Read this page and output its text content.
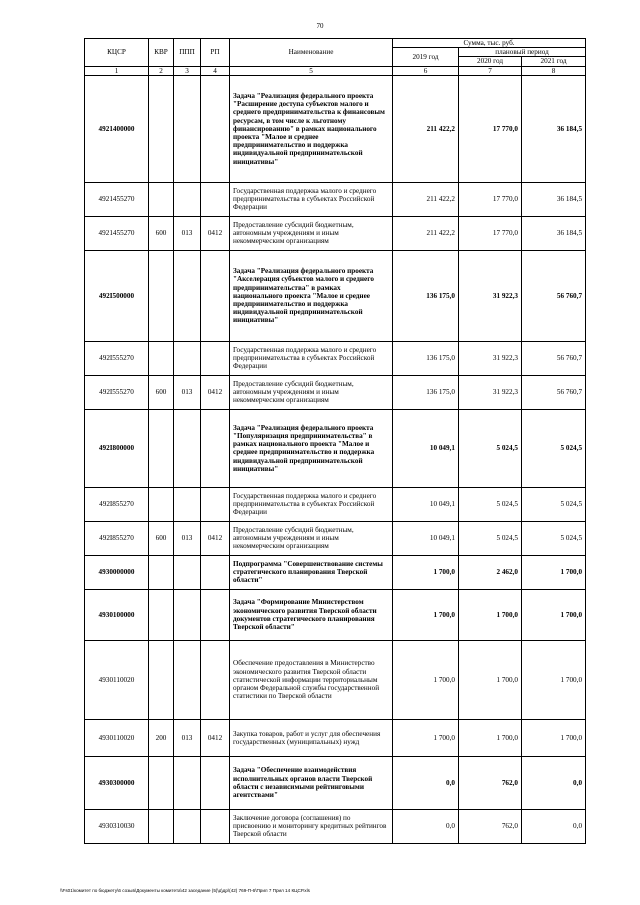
70
КЦСР	КВР	ППП	РП	Наименование	Сумма, тыс. руб.		
					2019 год	плановый период	
						2020 год	2021 год
1	2	3	4	5	6	7	8
4921400000				Задача "Реализация федерального проекта "Расширение доступа субъектов малого и среднего предпринимательства к финансовым ресурсам, в том числе к льготному финансированию" в рамках национального проекта "Малое и среднее предпринимательство и поддержка индивидуальной предпринимательской инициативы"	211 422,2	17 770,0	36 184,5
4921455270				Государственная поддержка малого и среднего предпринимательства в субъектах Российской Федерации	211 422,2	17 770,0	36 184,5
4921455270	600	013	0412	Предоставление субсидий бюджетным, автономным учреждениям и иным некоммерческим организациям	211 422,2	17 770,0	36 184,5
492I500000				Задача "Реализация федерального проекта "Акселерация субъектов малого и среднего предпринимательства" в рамках национального проекта "Малое и среднее предпринимательство и поддержка индивидуальной предпринимательской инициативы"	136 175,0	31 922,3	56 760,7
492I555270				Государственная поддержка малого и среднего предпринимательства в субъектах Российской Федерации	136 175,0	31 922,3	56 760,7
492I555270	600	013	0412	Предоставление субсидий бюджетным, автономным учреждениям и иным некоммерческим организациям	136 175,0	31 922,3	56 760,7
492I800000				Задача "Реализация федерального проекта "Популяризация предпринимательства" в рамках национального проекта "Малое и среднее предпринимательство и поддержка индивидуальной предпринимательской инициативы"	10 049,1	5 024,5	5 024,5
492I855270				Государственная поддержка малого и среднего предпринимательства в субъектах Российской Федерации	10 049,1	5 024,5	5 024,5
492I855270	600	013	0412	Предоставление субсидий бюджетным, автономным учреждениям и иным некоммерческим организациям	10 049,1	5 024,5	5 024,5
4930000000				Подпрограмма "Совершенствование системы стратегического планирования Тверской области"	1 700,0	2 462,0	1 700,0
4930100000				Задача "Формирование Министерством экономического развития Тверской области документов стратегического планирования Тверской области"	1 700,0	1 700,0	1 700,0
4930110020				Обеспечение предоставления в Министерство экономического развития Тверской области статистической информации территориальным органом Федеральной службы государственной статистики по Тверской области	1 700,0	1 700,0	1 700,0
4930110020	200	013	0412	Закупка товаров, работ и услуг для обеспечения государственных (муниципальных) нужд	1 700,0	1 700,0	1 700,0
4930300000				Задача "Обеспечение взаимодействия исполнительных органов власти Тверской области с независимыми рейтинговыми агентствами"	0,0	762,0	0,0
4930310030				Заключение договора (соглашения) по присвоению и мониторингу кредитных рейтингов Тверской области	0,0	762,0	0,0
\\Fs01\комитет по бюджету\6 созыв\Документы комитета\42 заседание (5)\д\др\(42) 769-П-6\Прил 7 Прил 14 КЦСР.xls
